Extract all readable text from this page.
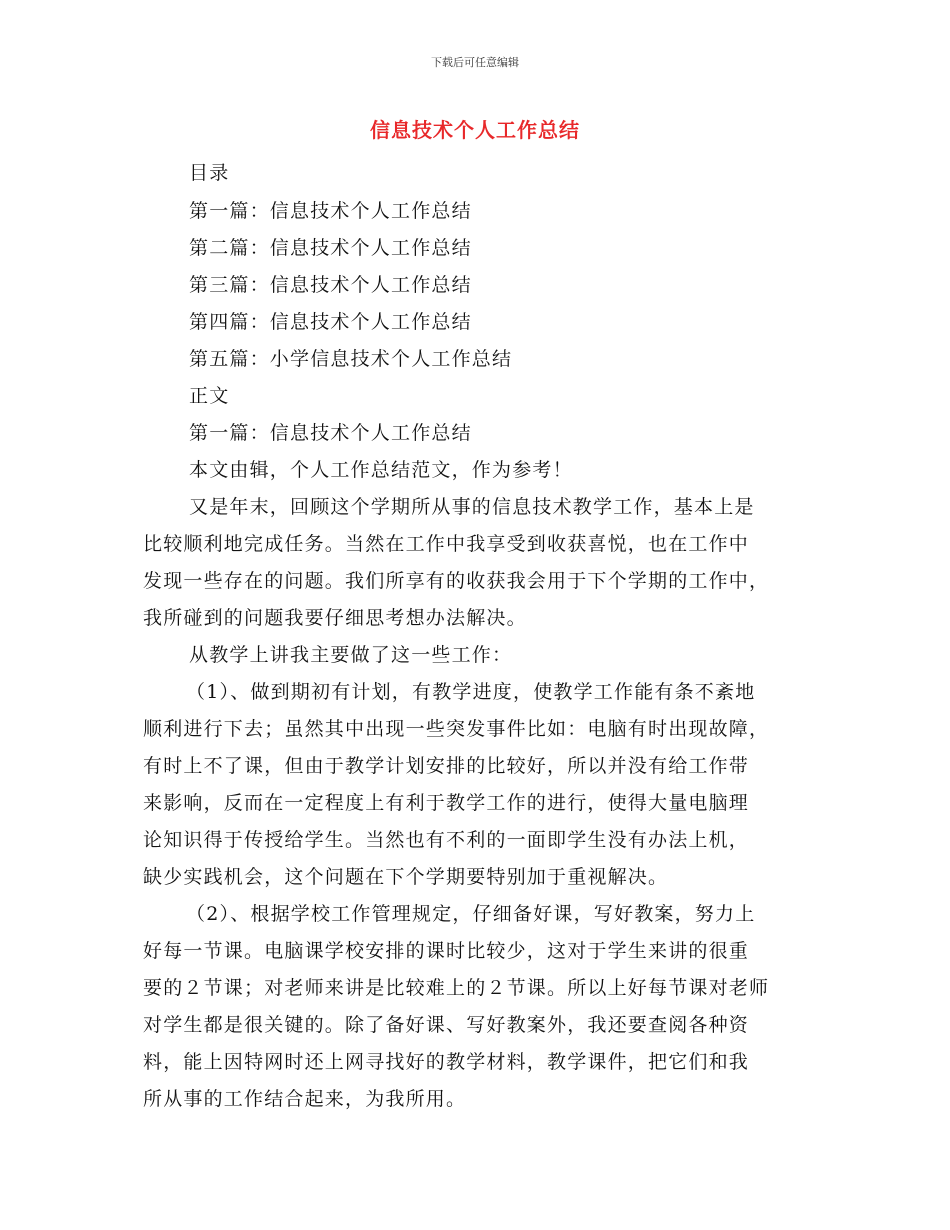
下载后可任意编辑
信息技术个人工作总结
目录
第一篇：信息技术个人工作总结
第二篇：信息技术个人工作总结
第三篇：信息技术个人工作总结
第四篇：信息技术个人工作总结
第五篇：小学信息技术个人工作总结
正文
第一篇：信息技术个人工作总结
本文由辑，个人工作总结范文，作为参考！
又是年末，回顾这个学期所从事的信息技术教学工作，基本上是
比较顺利地完成任务。当然在工作中我享受到收获喜悦，也在工作中
发现一些存在的问题。我们所享有的收获我会用于下个学期的工作中，
我所碰到的问题我要仔细思考想办法解决。
从教学上讲我主要做了这一些工作：
（1）、做到期初有计划，有教学进度，使教学工作能有条不紊地
顺利进行下去；虽然其中出现一些突发事件比如：电脑有时出现故障，
有时上不了课，但由于教学计划安排的比较好，所以并没有给工作带
来影响，反而在一定程度上有利于教学工作的进行，使得大量电脑理
论知识得于传授给学生。当然也有不利的一面即学生没有办法上机，
缺少实践机会，这个问题在下个学期要特别加于重视解决。
（2）、根据学校工作管理规定，仔细备好课，写好教案，努力上
好每一节课。电脑课学校安排的课时比较少，这对于学生来讲的很重
要的２节课；对老师来讲是比较难上的２节课。所以上好每节课对老师
对学生都是很关键的。除了备好课、写好教案外，我还要查阅各种资
料，能上因特网时还上网寻找好的教学材料，教学课件，把它们和我
所从事的工作结合起来，为我所用。
